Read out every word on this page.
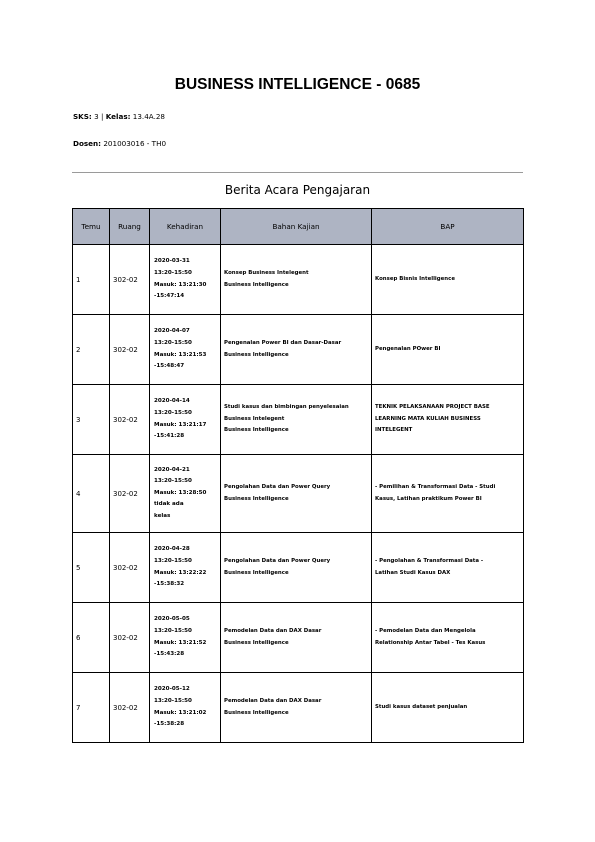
BUSINESS INTELLIGENCE - 0685
SKS: 3 | Kelas: 13.4A.28
Dosen: 201003016 - TH0
Berita Acara Pengajaran
Temu	Ruang	Kehadiran	Bahan Kajian	BAP
1	302-02	2020-03-31
13:20-15:50
Masuk: 13:21:30
-15:47:14	Konsep Business Intelegent
Business Intelligence	Konsep Bisnis Intelligence
2	302-02	2020-04-07
13:20-15:50
Masuk: 13:21:53
-15:48:47	Pengenalan Power BI dan Dasar-Dasar
Business Intelligence	Pengenalan POwer BI
3	302-02	2020-04-14
13:20-15:50
Masuk: 13:21:17
-15:41:28	Studi kasus dan bimbingan penyelesaian
Business Intelegent
Business Intelligence	TEKNIK PELAKSANAAN PROJECT BASE
LEARNING MATA KULIAH BUSINESS
INTELEGENT
4	302-02	2020-04-21
13:20-15:50
Masuk: 13:28:50
tidak ada
kelas	Pengolahan Data dan Power Query
Business Intelligence	- Pemilihan & Transformasi Data - Studi
Kasus, Latihan praktikum Power BI
5	302-02	2020-04-28
13:20-15:50
Masuk: 13:22:22
-15:38:32	Pengolahan Data dan Power Query
Business Intelligence	- Pengolahan & Transformasi Data -
Latihan Studi Kasus DAX
6	302-02	2020-05-05
13:20-15:50
Masuk: 13:21:52
-15:43:28	Pemodelan Data dan DAX Dasar
Business Intelligence	- Pemodelan Data dan Mengelola
Relationship Antar Tabel - Tes Kasus
7	302-02	2020-05-12
13:20-15:50
Masuk: 13:21:02
-15:38:28	Pemodelan Data dan DAX Dasar
Business Intelligence	Studi kasus dataset penjualan
